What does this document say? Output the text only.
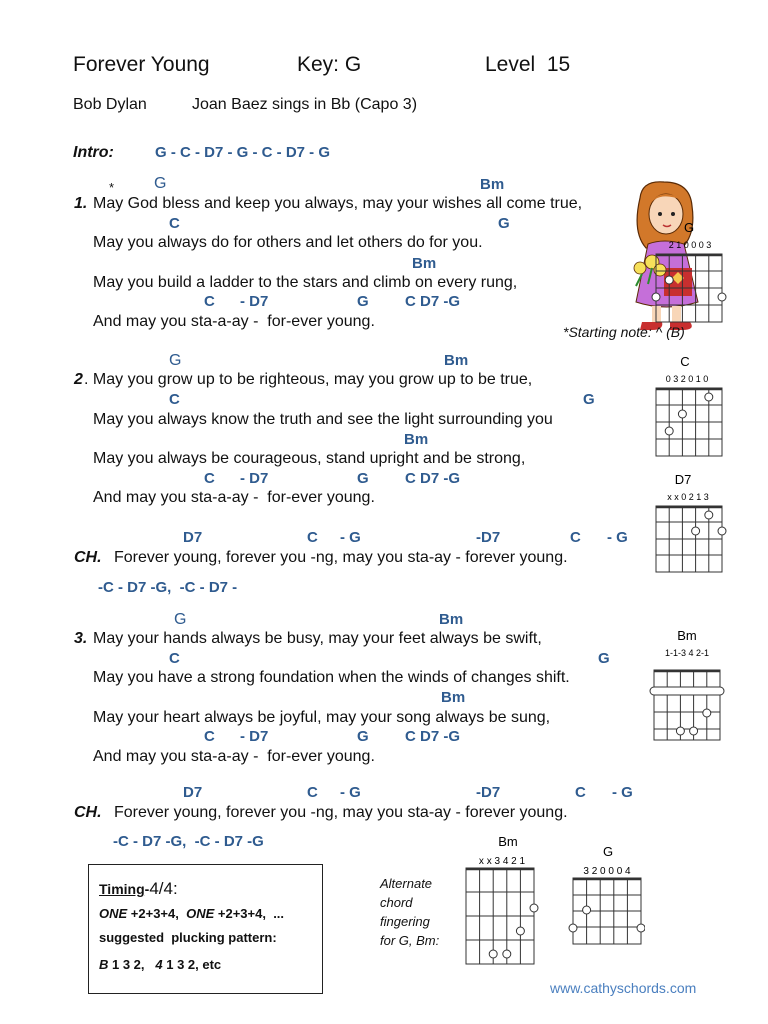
Forever Young	Key: G	Level  15
Bob Dylan	Joan Baez sings in Bb (Capo 3)
Intro:	G - C - D7 - G - C - D7 - G
* G	Bm
1. May God bless and keep you always, may your wishes all come true,
C	G
May you always do for others and let others do for you.
Bm
May you build a ladder to the stars and climb on every rung,
C - D7	G C D7 -G
And may you sta-a-ay -  for-ever young.
*Starting note: ^ (B)
G	Bm
2 . May you grow up to be righteous, may you grow up to be true,
C	G
May you always know the truth and see the light surrounding you
Bm
May you always be courageous, stand upright and be strong,
C - D7	G C D7 -G
And may you sta-a-ay -  for-ever young.
D7	C - G	-D7	C - G
CH. Forever young, forever you -ng, may you sta-ay - forever young.
-C - D7 -G,  -C - D7 -
G	Bm
3. May your hands always be busy, may your feet always be swift,
C	G
May you have a strong foundation when the winds of changes shift.
Bm
May your heart always be joyful, may your song always be sung,
C - D7	G C D7 -G
And may you sta-a-ay -  for-ever young.
D7	C - G	-D7	C - G
CH. Forever young, forever you -ng, may you sta-ay - forever young.
-C - D7 -G,  -C - D7 -G
Timing-4/4:
ONE +2+3+4, ONE +2+3+4,  ...
suggested  plucking pattern:
B 1 3 2,   4 1 3 2, etc
Alternate
chord
fingering
for G, Bm:
G
2 1 0 0 0 3
C
0 3 2 0 1 0
D7
x x 0 2 1 3
Bm
1-1-3 4 2-1
Bm
x x 3 4 2 1
G
3 2 0 0 0 4
www.cathyschords.com
